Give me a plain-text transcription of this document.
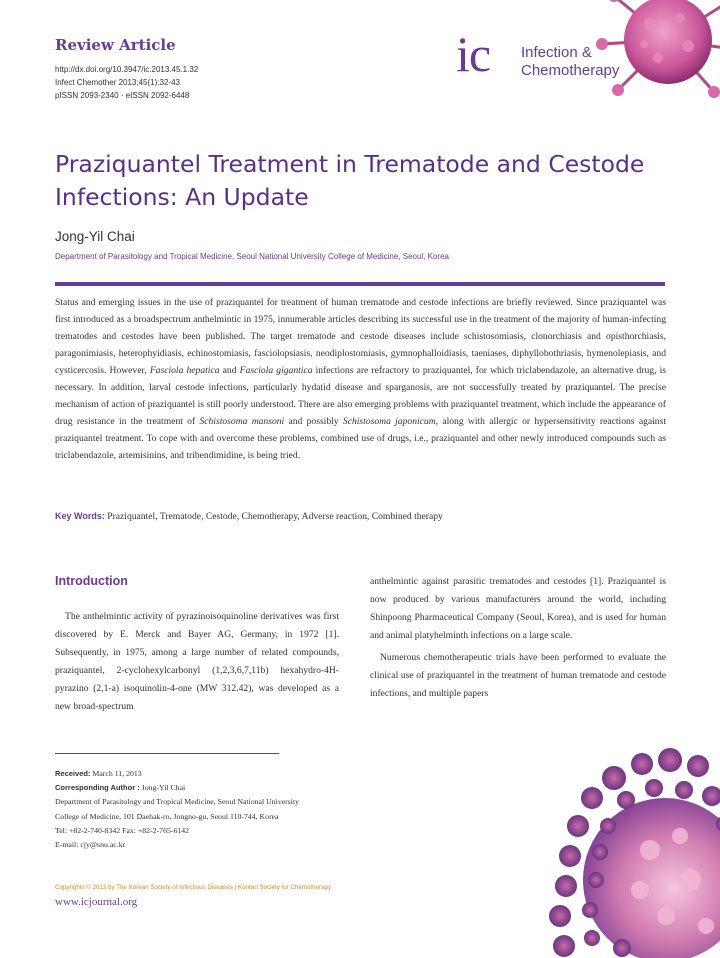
Review Article
http://dx.doi.org/10.3947/ic.2013.45.1.32
Infect Chemother 2013;45(1):32-43
pISSN 2093-2340 · eISSN 2092-6448
ic Infection &
Chemotherapy
Praziquantel Treatment in Trematode and Cestode
Infections: An Update
Jong-Yil Chai
Department of Parasitology and Tropical Medicine, Seoul National University College of Medicine, Seoul, Korea

Status and emerging issues in the use of praziquantel for treatment of human trematode and cestode infections are briefly reviewed. Since praziquantel was first introduced as a broadspectrum anthelmintic in 1975, innumerable articles describing its successful use in the treatment of the majority of human-infecting trematodes and cestodes have been published. The target trematode and cestode diseases include schistosomiasis, clonorchiasis and opisthorchiasis, paragonimiasis, heterophyidiasis, echinostomiasis, fasciolopsiasis, neodiplostomiasis, gymnophalloidiasis, taeniases, diphyllobothriasis, hymenolepiasis, and cysticercosis. However, Fasciola hepatica and Fasciola gigantica infections are refractory to praziquantel, for which triclabendazole, an alternative drug, is necessary. In addition, larval cestode infections, particularly hydatid disease and sparganosis, are not successfully treated by praziquantel. The precise mechanism of action of praziquantel is still poorly understood. There are also emerging problems with praziquantel treatment, which include the appearance of drug resistance in the treatment of Schistosoma mansoni and possibly Schistosoma japonicum, along with allergic or hypersensitivity reactions against praziquantel treatment. To cope with and overcome these problems, combined use of drugs, i.e., praziquantel and other newly introduced compounds such as triclabendazole, artemisinins, and tribendimidine, is being tried.

Key Words: Praziquantel, Trematode, Cestode, Chemotherapy, Adverse reaction, Combined therapy
Introduction

The anthelmintic activity of pyrazinoisoquinoline derivatives was first discovered by E. Merck and Bayer AG, Germany, in 1972 [1]. Subsequently, in 1975, among a large number of related compounds, praziquantel, 2-cyclohexylcarbonyl (1,2,3,6,7,11b) hexahydro-4H-pyrazino (2,1-a) isoquinolin-4-one (MW 312.42), was developed as a new broad-spectrum

anthelmintic against parasitic trematodes and cestodes [1]. Praziquantel is now produced by various manufacturers around the world, including Shinpoong Pharmaceutical Company (Seoul, Korea), and is used for human and animal platyhelminth infections on a large scale.

Numerous chemotherapeutic trials have been performed to evaluate the clinical use of praziquantel in the treatment of human trematode and cestode infections, and multiple papers

Received: March 11, 2013
Corresponding Author : Jong-Yil Chai
Department of Parasitology and Tropical Medicine, Seoul National University
College of Medicine, 101 Daehak-ro, Jongno-gu, Seoul 110-744, Korea
Tel: +82-2-740-8342 Fax: +82-2-765-6142
E-mail: cjy@snu.ac.kr
Copyrights © 2013 by The Korean Society of Infectious Diseases | Korean Society for Chemotherapy
www.icjournal.org
